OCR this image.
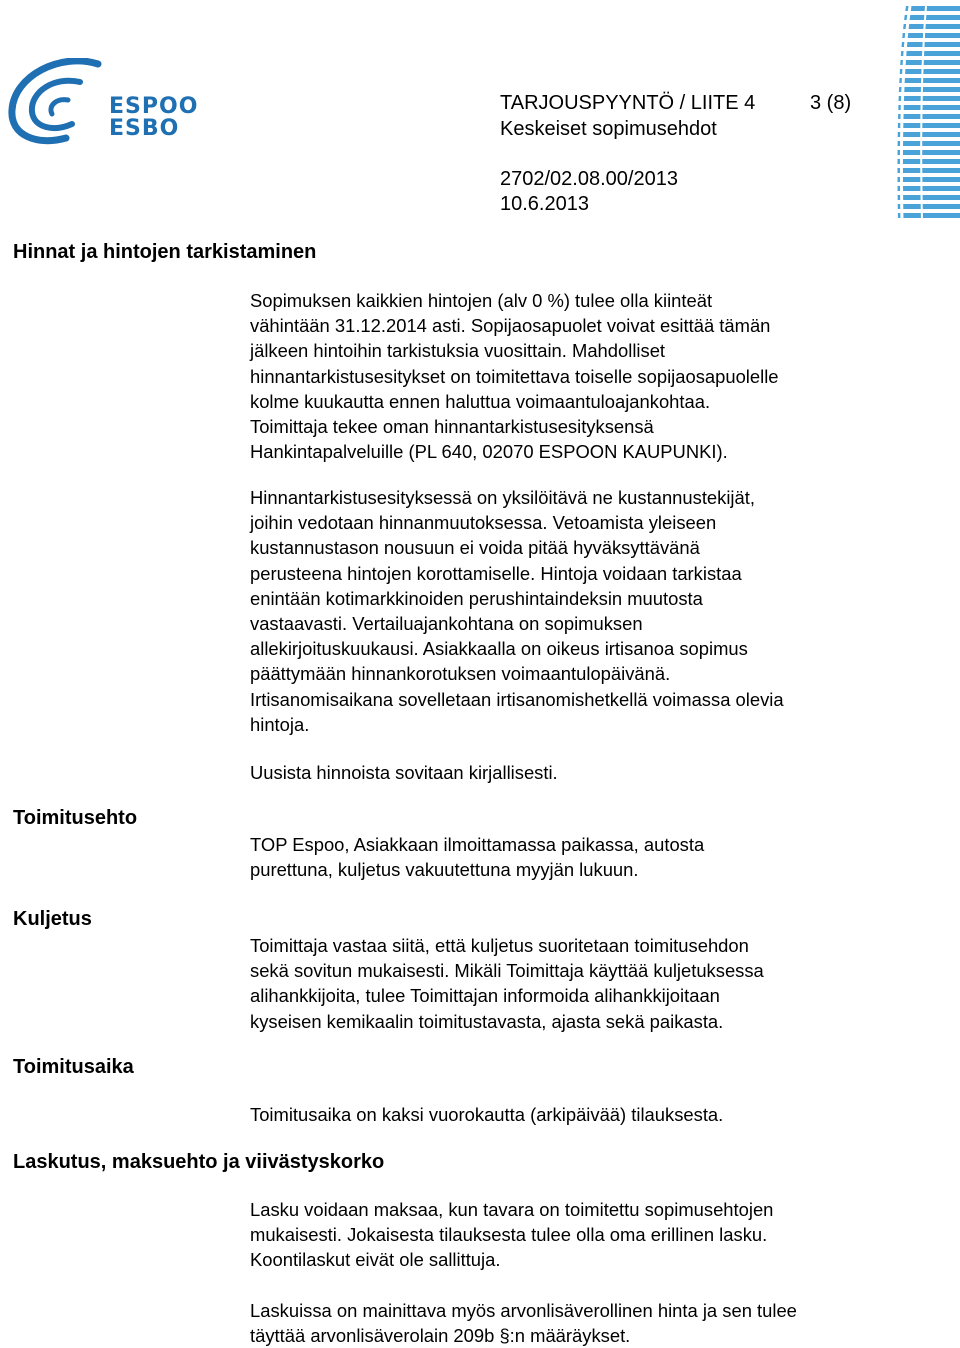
ESPOO
ESBO
TARJOUSPYYNTÖ / LIITE 4	3 (8)
Keskeiset sopimusehdot
2702/02.08.00/2013
10.6.2013
Hinnat ja hintojen tarkistaminen
Toimitusehto
Kuljetus
Toimitusaika
Laskutus, maksuehto ja viivästyskorko
Sopimuksen kaikkien hintojen (alv 0 %) tulee olla kiinteät
vähintään 31.12.2014 asti. Sopijaosapuolet voivat esittää tämän
jälkeen hintoihin tarkistuksia vuosittain. Mahdolliset
hinnantarkistusesitykset on toimitettava toiselle sopijaosapuolelle
kolme kuukautta ennen haluttua voimaantuloajankohtaa.
Toimittaja tekee oman hinnantarkistusesityksensä
Hankintapalveluille (PL 640, 02070 ESPOON KAUPUNKI).
Hinnantarkistusesityksessä on yksilöitävä ne kustannustekijät,
joihin vedotaan hinnanmuutoksessa. Vetoamista yleiseen
kustannustason nousuun ei voida pitää hyväksyttävänä
perusteena hintojen korottamiselle. Hintoja voidaan tarkistaa
enintään kotimarkkinoiden perushintaindeksin muutosta
vastaavasti. Vertailuajankohtana on sopimuksen
allekirjoituskuukausi. Asiakkaalla on oikeus irtisanoa sopimus
päättymään hinnankorotuksen voimaantulopäivänä.
Irtisanomisaikana sovelletaan irtisanomishetkellä voimassa olevia
hintoja.
Uusista hinnoista sovitaan kirjallisesti.
TOP Espoo, Asiakkaan ilmoittamassa paikassa, autosta
purettuna, kuljetus vakuutettuna myyjän lukuun.
Toimittaja vastaa siitä, että kuljetus suoritetaan toimitusehdon
sekä sovitun mukaisesti. Mikäli Toimittaja käyttää kuljetuksessa
alihankkijoita, tulee Toimittajan informoida alihankkijoitaan
kyseisen kemikaalin toimitustavasta, ajasta sekä paikasta.
Toimitusaika on kaksi vuorokautta (arkipäivää) tilauksesta.
Lasku voidaan maksaa, kun tavara on toimitettu sopimusehtojen
mukaisesti. Jokaisesta tilauksesta tulee olla oma erillinen lasku.
Koontilaskut eivät ole sallittuja.
Laskuissa on mainittava myös arvonlisäverollinen hinta ja sen tulee
täyttää arvonlisäverolain 209b §:n määräykset.
